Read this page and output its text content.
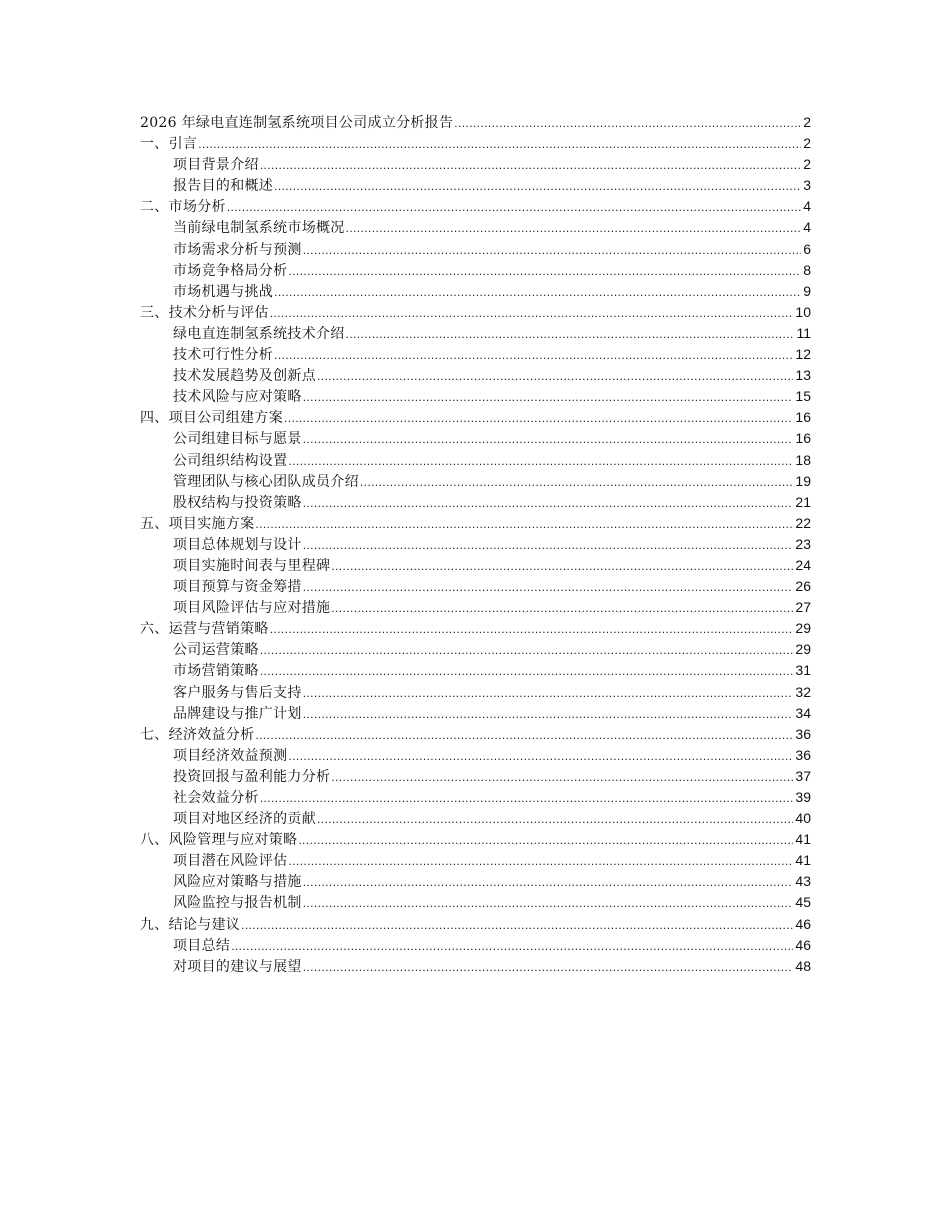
2026 年绿电直连制氢系统项目公司成立分析报告 .....	2
一、引言 .....	2
项目背景介绍 .....	2
报告目的和概述 .....	3
二、市场分析 .....	4
当前绿电制氢系统市场概况 .....	4
市场需求分析与预测 .....	6
市场竞争格局分析 .....	8
市场机遇与挑战 .....	9
三、技术分析与评估 .....	10
绿电直连制氢系统技术介绍 .....	11
技术可行性分析 .....	12
技术发展趋势及创新点 .....	13
技术风险与应对策略 .....	15
四、项目公司组建方案 .....	16
公司组建目标与愿景 .....	16
公司组织结构设置 .....	18
管理团队与核心团队成员介绍 .....	19
股权结构与投资策略 .....	21
五、项目实施方案 .....	22
项目总体规划与设计 .....	23
项目实施时间表与里程碑 .....	24
项目预算与资金筹措 .....	26
项目风险评估与应对措施 .....	27
六、运营与营销策略 .....	29
公司运营策略 .....	29
市场营销策略 .....	31
客户服务与售后支持 .....	32
品牌建设与推广计划 .....	34
七、经济效益分析 .....	36
项目经济效益预测 .....	36
投资回报与盈利能力分析 .....	37
社会效益分析 .....	39
项目对地区经济的贡献 .....	40
八、风险管理与应对策略 .....	41
项目潜在风险评估 .....	41
风险应对策略与措施 .....	43
风险监控与报告机制 .....	45
九、结论与建议 .....	46
项目总结 .....	46
对项目的建议与展望 .....	48
